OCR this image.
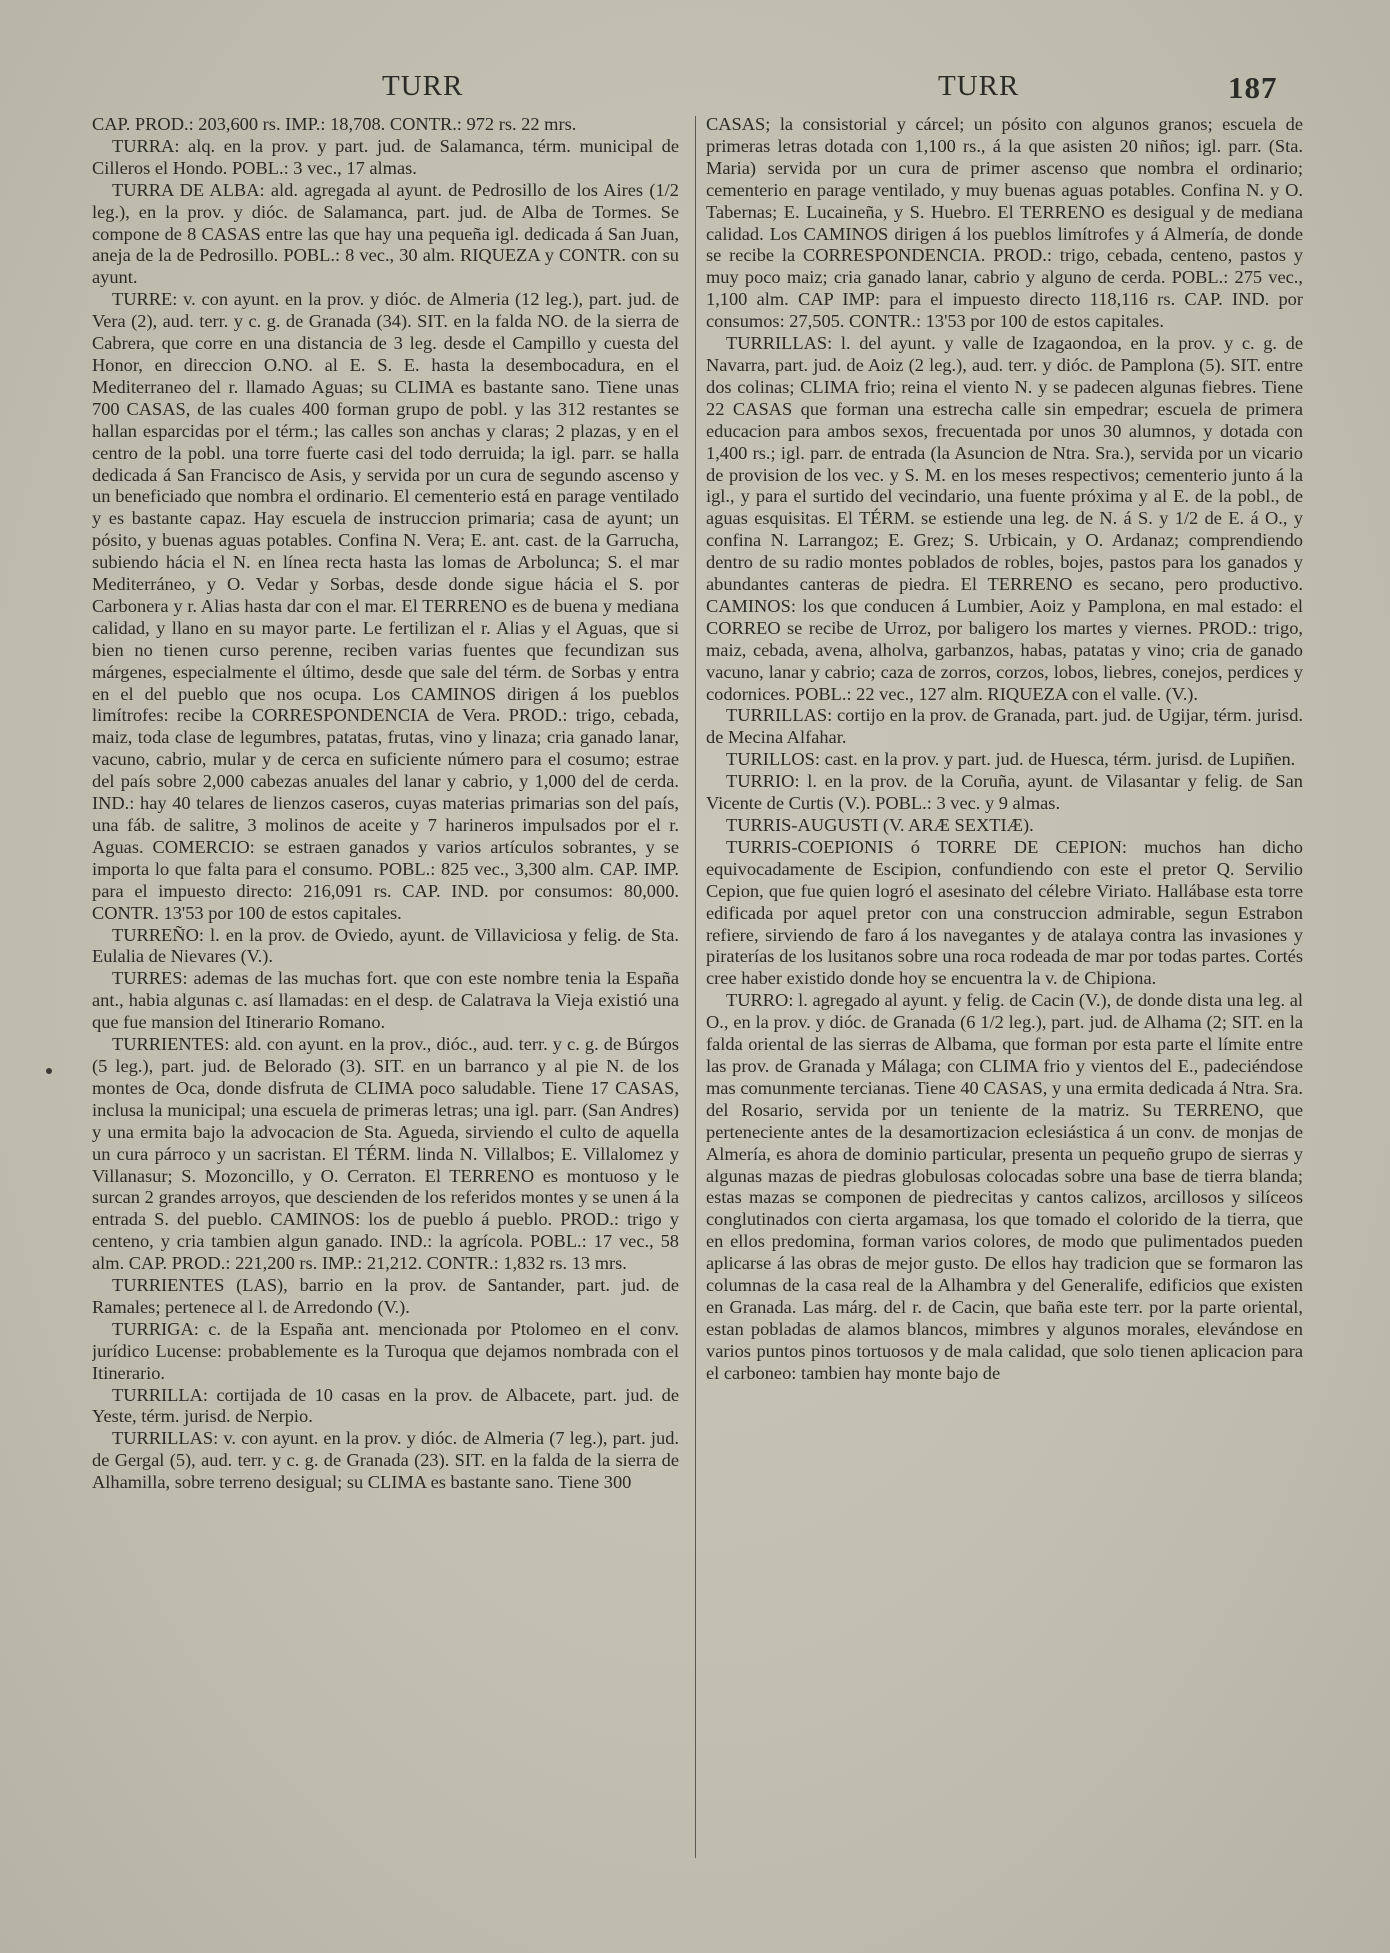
TURR	TURR	187

CAP. PROD.: 203,600 rs. IMP.: 18,708. CONTR.: 972 rs. 22 mrs.

TURRA: alq. en la prov. y part. jud. de Salamanca, térm. municipal de Cilleros el Hondo. POBL.: 3 vec., 17 almas.

TURRA DE ALBA: ald. agregada al ayunt. de Pedrosillo de los Aires (1/2 leg.), en la prov. y dióc. de Salamanca, part. jud. de Alba de Tormes. Se compone de 8 CASAS entre las que hay una pequeña igl. dedicada á San Juan, aneja de la de Pedrosillo. POBL.: 8 vec., 30 alm. RIQUEZA y CONTR. con su ayunt.

TURRE: v. con ayunt. en la prov. y dióc. de Almeria (12 leg.), part. jud. de Vera (2), aud. terr. y c. g. de Granada (34). SIT. en la falda NO. de la sierra de Cabrera, que corre en una distancia de 3 leg. desde el Campillo y cuesta del Honor, en direccion O.NO. al E. S. E. hasta la desembocadura, en el Mediterraneo del r. llamado Aguas; su CLIMA es bastante sano. Tiene unas 700 CASAS, de las cuales 400 forman grupo de pobl. y las 312 restantes se hallan esparcidas por el térm.; las calles son anchas y claras; 2 plazas, y en el centro de la pobl. una torre fuerte casi del todo derruida; la igl. parr. se halla dedicada á San Francisco de Asis, y servida por un cura de segundo ascenso y un beneficiado que nombra el ordinario. El cementerio está en parage ventilado y es bastante capaz. Hay escuela de instruccion primaria; casa de ayunt; un pósito, y buenas aguas potables. Confina N. Vera; E. ant. cast. de la Garrucha, subiendo hácia el N. en línea recta hasta las lomas de Arbolunca; S. el mar Mediterráneo, y O. Vedar y Sorbas, desde donde sigue hácia el S. por Carbonera y r. Alias hasta dar con el mar. El TERRENO es de buena y mediana calidad, y llano en su mayor parte. Le fertilizan el r. Alias y el Aguas, que si bien no tienen curso perenne, reciben varias fuentes que fecundizan sus márgenes, especialmente el último, desde que sale del térm. de Sorbas y entra en el del pueblo que nos ocupa. Los CAMINOS dirigen á los pueblos limítrofes: recibe la CORRESPONDENCIA de Vera. PROD.: trigo, cebada, maiz, toda clase de legumbres, patatas, frutas, vino y linaza; cria ganado lanar, vacuno, cabrio, mular y de cerca en suficiente número para el cosumo; estrae del país sobre 2,000 cabezas anuales del lanar y cabrio, y 1,000 del de cerda. IND.: hay 40 telares de lienzos caseros, cuyas materias primarias son del país, una fáb. de salitre, 3 molinos de aceite y 7 harineros impulsados por el r. Aguas. COMERCIO: se estraen ganados y varios artículos sobrantes, y se importa lo que falta para el consumo. POBL.: 825 vec., 3,300 alm. CAP. IMP. para el impuesto directo: 216,091 rs. CAP. IND. por consumos: 80,000. CONTR. 13'53 por 100 de estos capitales.

TURREÑO: l. en la prov. de Oviedo, ayunt. de Villaviciosa y felig. de Sta. Eulalia de Nievares (V.).

TURRES: ademas de las muchas fort. que con este nombre tenia la España ant., habia algunas c. así llamadas: en el desp. de Calatrava la Vieja existió una que fue mansion del Itinerario Romano.

TURRIENTES: ald. con ayunt. en la prov., dióc., aud. terr. y c. g. de Búrgos (5 leg.), part. jud. de Belorado (3). SIT. en un barranco y al pie N. de los montes de Oca, donde disfruta de CLIMA poco saludable. Tiene 17 CASAS, inclusa la municipal; una escuela de primeras letras; una igl. parr. (San Andres) y una ermita bajo la advocacion de Sta. Agueda, sirviendo el culto de aquella un cura párroco y un sacristan. El TÉRM. linda N. Villalbos; E. Villalomez y Villanasur; S. Mozoncillo, y O. Cerraton. El TERRENO es montuoso y le surcan 2 grandes arroyos, que descienden de los referidos montes y se unen á la entrada S. del pueblo. CAMINOS: los de pueblo á pueblo. PROD.: trigo y centeno, y cria tambien algun ganado. IND.: la agrícola. POBL.: 17 vec., 58 alm. CAP. PROD.: 221,200 rs. IMP.: 21,212. CONTR.: 1,832 rs. 13 mrs.

TURRIENTES (LAS), barrio en la prov. de Santander, part. jud. de Ramales; pertenece al l. de Arredondo (V.).

TURRIGA: c. de la España ant. mencionada por Ptolomeo en el conv. jurídico Lucense: probablemente es la Turoqua que dejamos nombrada con el Itinerario.

TURRILLA: cortijada de 10 casas en la prov. de Albacete, part. jud. de Yeste, térm. jurisd. de Nerpio.

TURRILLAS: v. con ayunt. en la prov. y dióc. de Almeria (7 leg.), part. jud. de Gergal (5), aud. terr. y c. g. de Granada (23). SIT. en la falda de la sierra de Alhamilla, sobre terreno desigual; su CLIMA es bastante sano. Tiene 300

CASAS; la consistorial y cárcel; un pósito con algunos granos; escuela de primeras letras dotada con 1,100 rs., á la que asisten 20 niños; igl. parr. (Sta. Maria) servida por un cura de primer ascenso que nombra el ordinario; cementerio en parage ventilado, y muy buenas aguas potables. Confina N. y O. Tabernas; E. Lucaineña, y S. Huebro. El TERRENO es desigual y de mediana calidad. Los CAMINOS dirigen á los pueblos limítrofes y á Almería, de donde se recibe la CORRESPONDENCIA. PROD.: trigo, cebada, centeno, pastos y muy poco maiz; cria ganado lanar, cabrio y alguno de cerda. POBL.: 275 vec., 1,100 alm. CAP IMP: para el impuesto directo 118,116 rs. CAP. IND. por consumos: 27,505. CONTR.: 13'53 por 100 de estos capitales.

TURRILLAS: l. del ayunt. y valle de Izagaondoa, en la prov. y c. g. de Navarra, part. jud. de Aoiz (2 leg.), aud. terr. y dióc. de Pamplona (5). SIT. entre dos colinas; CLIMA frio; reina el viento N. y se padecen algunas fiebres. Tiene 22 CASAS que forman una estrecha calle sin empedrar; escuela de primera educacion para ambos sexos, frecuentada por unos 30 alumnos, y dotada con 1,400 rs.; igl. parr. de entrada (la Asuncion de Ntra. Sra.), servida por un vicario de provision de los vec. y S. M. en los meses respectivos; cementerio junto á la igl., y para el surtido del vecindario, una fuente próxima y al E. de la pobl., de aguas esquisitas. El TÉRM. se estiende una leg. de N. á S. y 1/2 de E. á O., y confina N. Larrangoz; E. Grez; S. Urbicain, y O. Ardanaz; comprendiendo dentro de su radio montes poblados de robles, bojes, pastos para los ganados y abundantes canteras de piedra. El TERRENO es secano, pero productivo. CAMINOS: los que conducen á Lumbier, Aoiz y Pamplona, en mal estado: el CORREO se recibe de Urroz, por baligero los martes y viernes. PROD.: trigo, maiz, cebada, avena, alholva, garbanzos, habas, patatas y vino; cria de ganado vacuno, lanar y cabrio; caza de zorros, corzos, lobos, liebres, conejos, perdices y codornices. POBL.: 22 vec., 127 alm. RIQUEZA con el valle. (V.).

TURRILLAS: cortijo en la prov. de Granada, part. jud. de Ugijar, térm. jurisd. de Mecina Alfahar.

TURILLOS: cast. en la prov. y part. jud. de Huesca, térm. jurisd. de Lupiñen.

TURRIO: l. en la prov. de la Coruña, ayunt. de Vilasantar y felig. de San Vicente de Curtis (V.). POBL.: 3 vec. y 9 almas.

TURRIS-AUGUSTI (V. ARÆ SEXTIÆ).

TURRIS-COEPIONIS ó TORRE DE CEPION: muchos han dicho equivocadamente de Escipion, confundiendo con este el pretor Q. Servilio Cepion, que fue quien logró el asesinato del célebre Viriato. Hallábase esta torre edificada por aquel pretor con una construccion admirable, segun Estrabon refiere, sirviendo de faro á los navegantes y de atalaya contra las invasiones y piraterías de los lusitanos sobre una roca rodeada de mar por todas partes. Cortés cree haber existido donde hoy se encuentra la v. de Chipiona.

TURRO: l. agregado al ayunt. y felig. de Cacin (V.), de donde dista una leg. al O., en la prov. y dióc. de Granada (6 1/2 leg.), part. jud. de Alhama (2; SIT. en la falda oriental de las sierras de Albama, que forman por esta parte el límite entre las prov. de Granada y Málaga; con CLIMA frio y vientos del E., padeciéndose mas comunmente tercianas. Tiene 40 CASAS, y una ermita dedicada á Ntra. Sra. del Rosario, servida por un teniente de la matriz. Su TERRENO, que perteneciente antes de la desamortizacion eclesiástica á un conv. de monjas de Almería, es ahora de dominio particular, presenta un pequeño grupo de sierras y algunas mazas de piedras globulosas colocadas sobre una base de tierra blanda; estas mazas se componen de piedrecitas y cantos calizos, arcillosos y silíceos conglutinados con cierta argamasa, los que tomado el colorido de la tierra, que en ellos predomina, forman varios colores, de modo que pulimentados pueden aplicarse á las obras de mejor gusto. De ellos hay tradicion que se formaron las columnas de la casa real de la Alhambra y del Generalife, edificios que existen en Granada. Las márg. del r. de Cacin, que baña este terr. por la parte oriental, estan pobladas de alamos blancos, mimbres y algunos morales, elevándose en varios puntos pinos tortuosos y de mala calidad, que solo tienen aplicacion para el carboneo: tambien hay monte bajo de
